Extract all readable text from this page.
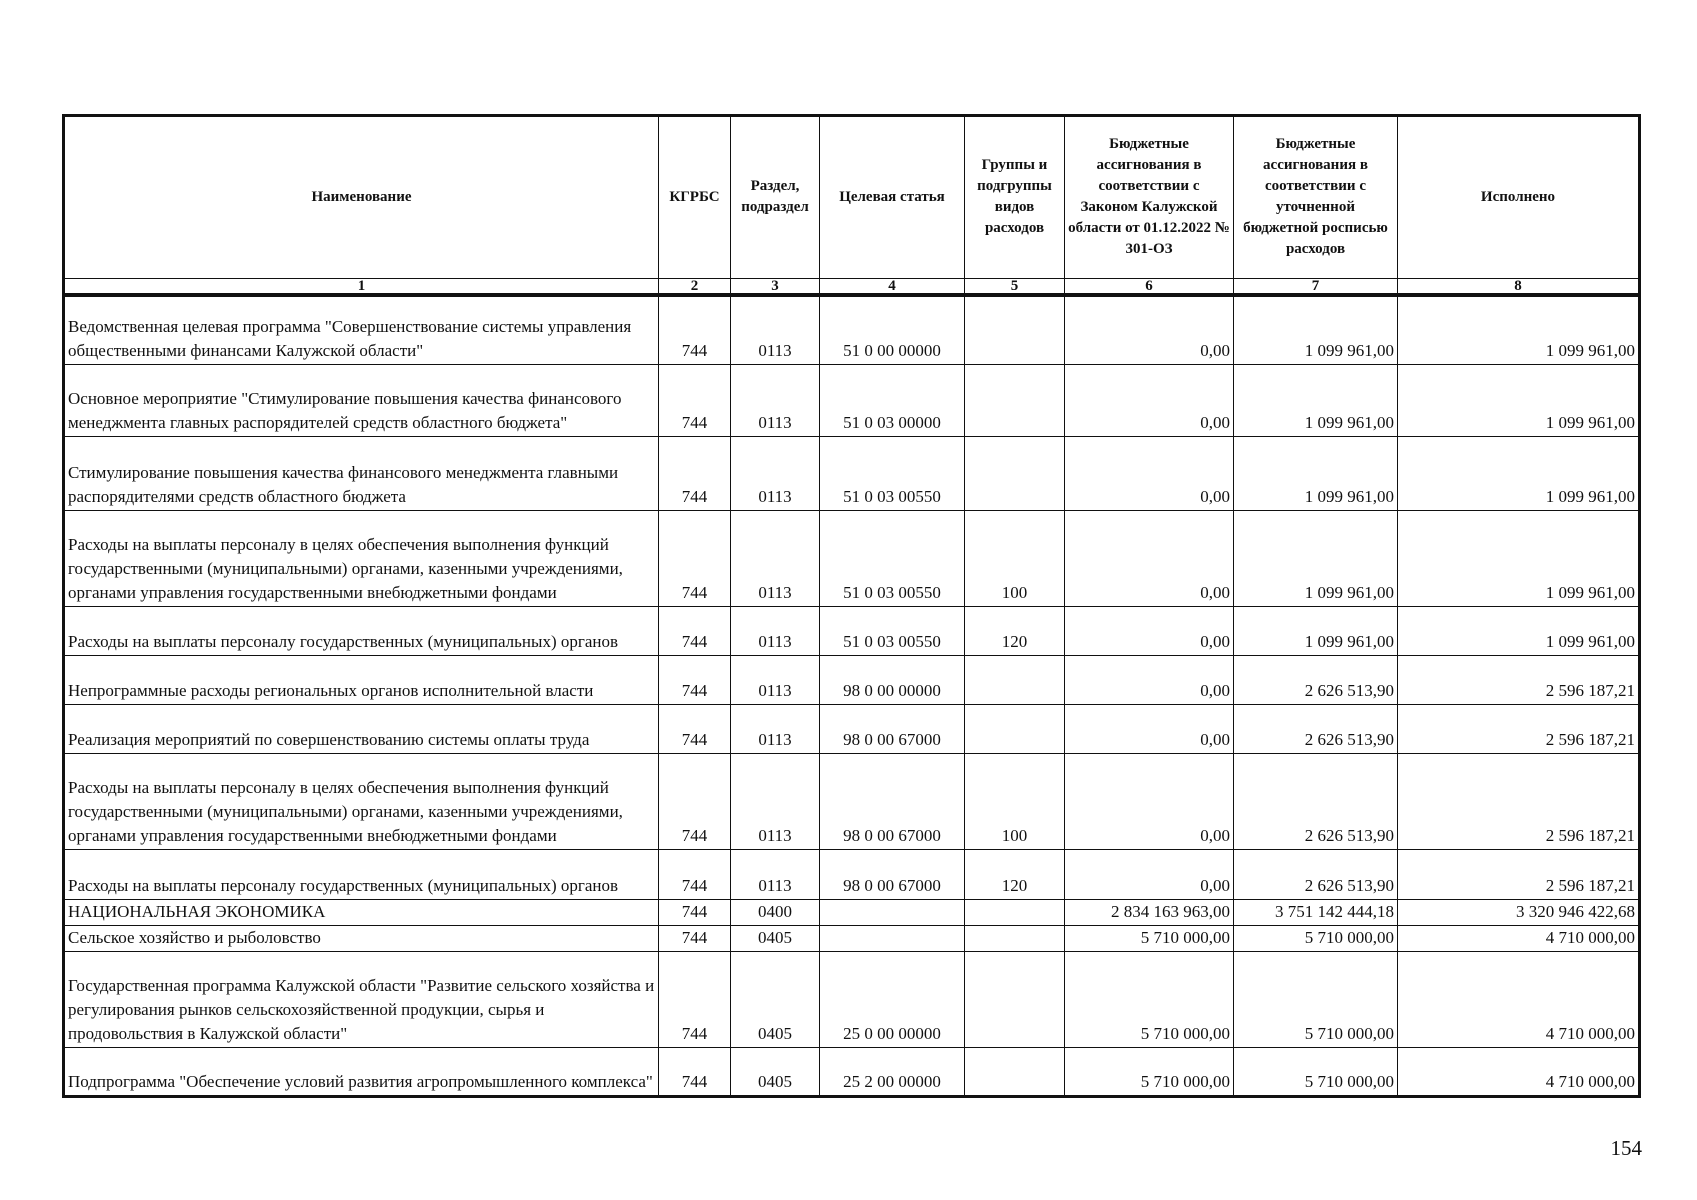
Наименование	КГРБС	Раздел, подраздел	Целевая статья	Группы и подгруппы видов расходов	Бюджетные ассигнования в соответствии с Законом Калужской области от 01.12.2022 № 301-ОЗ	Бюджетные ассигнования в соответствии с уточненной бюджетной росписью расходов	Исполнено
1	2	3	4	5	6	7	8
Ведомственная целевая программа "Совершенствование системы управления общественными финансами Калужской области"	744	0113	51 0 00 00000		0,00	1 099 961,00	1 099 961,00
Основное мероприятие "Стимулирование повышения качества финансового менеджмента главных распорядителей средств областного бюджета"	744	0113	51 0 03 00000		0,00	1 099 961,00	1 099 961,00
Стимулирование повышения качества финансового менеджмента главными распорядителями средств областного бюджета	744	0113	51 0 03 00550		0,00	1 099 961,00	1 099 961,00
Расходы на выплаты персоналу в целях обеспечения выполнения функций государственными (муниципальными) органами, казенными учреждениями, органами управления государственными внебюджетными фондами	744	0113	51 0 03 00550	100	0,00	1 099 961,00	1 099 961,00
Расходы на выплаты персоналу государственных (муниципальных) органов	744	0113	51 0 03 00550	120	0,00	1 099 961,00	1 099 961,00
Непрограммные расходы региональных органов исполнительной власти	744	0113	98 0 00 00000		0,00	2 626 513,90	2 596 187,21
Реализация мероприятий по совершенствованию системы оплаты труда	744	0113	98 0 00 67000		0,00	2 626 513,90	2 596 187,21
Расходы на выплаты персоналу в целях обеспечения выполнения функций государственными (муниципальными) органами, казенными учреждениями, органами управления государственными внебюджетными фондами	744	0113	98 0 00 67000	100	0,00	2 626 513,90	2 596 187,21
Расходы на выплаты персоналу государственных (муниципальных) органов	744	0113	98 0 00 67000	120	0,00	2 626 513,90	2 596 187,21
НАЦИОНАЛЬНАЯ ЭКОНОМИКА	744	0400			2 834 163 963,00	3 751 142 444,18	3 320 946 422,68
Сельское хозяйство и рыболовство	744	0405			5 710 000,00	5 710 000,00	4 710 000,00
Государственная программа Калужской области "Развитие сельского хозяйства и регулирования рынков сельскохозяйственной продукции, сырья и продовольствия в Калужской области"	744	0405	25 0 00 00000		5 710 000,00	5 710 000,00	4 710 000,00
Подпрограмма "Обеспечение условий развития агропромышленного комплекса"	744	0405	25 2 00 00000		5 710 000,00	5 710 000,00	4 710 000,00
154
